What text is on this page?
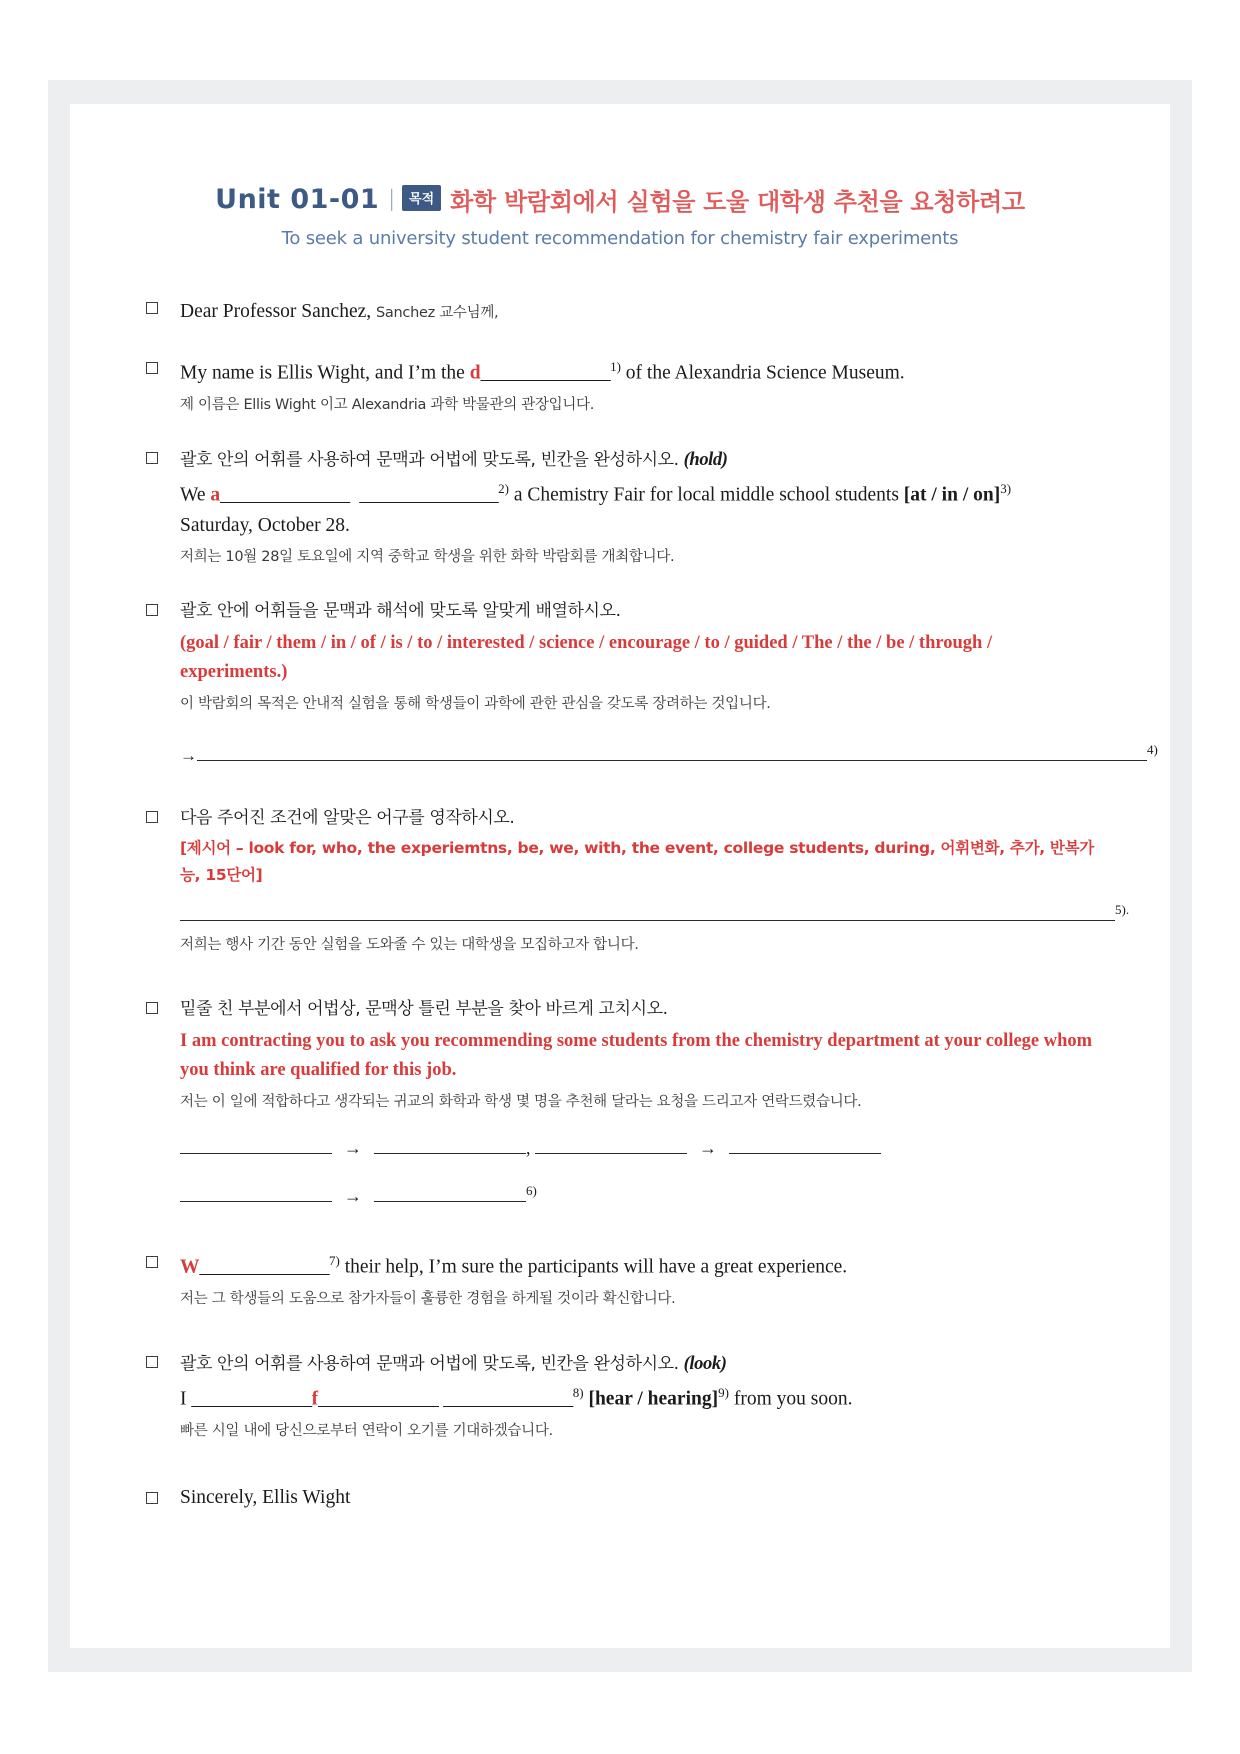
Unit 01-01 | 목적 화학 박람회에서 실험을 도울 대학생 추천을 요청하려고
To seek a university student recommendation for chemistry fair experiments
Dear Professor Sanchez, Sanchez 교수님께,
My name is Ellis Wight, and I’m the d______________$^{1)}$ of the Alexandria Science Museum.
제 이름은 Ellis Wight 이고 Alexandria 과학 박물관의 관장입니다.
괄호 안의 어휘를 사용하여 문맥과 어법에 맞도록, 빈칸을 완성하시오. (hold)
We a______________ _______________$^{2)}$ a Chemistry Fair for local middle school students [at / in / on]$^{3)}$
Saturday, October 28.
저희는 10월 28일 토요일에 지역 중학교 학생을 위한 화학 박람회를 개최합니다.
괄호 안에 어휘들을 문맥과 해석에 맞도록 알맞게 배열하시오.
(goal / fair / them / in / of / is / to / interested / science / encourage / to / guided / The / the / be / through / experiments.)
이 박람회의 목적은 안내적 실험을 통해 학생들이 과학에 관한 관심을 갖도록 장려하는 것입니다.
→	$^{4)}$
다음 주어진 조건에 알맞은 어구를 영작하시오.
[제시어 – look for, who, the experiemtns, be, we, with, the event, college students, during, 어휘변화, 추가, 반복가능, 15단어]
$^{5).}$
저희는 행사 기간 동안 실험을 도와줄 수 있는 대학생을 모집하고자 합니다.
밑줄 친 부분에서 어법상, 문맥상 틀린 부분을 찾아 바르게 고치시오.
I am contracting you to ask you recommending some students from the chemistry department at your college whom you think are qualified for this job.
저는 이 일에 적합하다고 생각되는 귀교의 화학과 학생 몇 명을 추천해 달라는 요청을 드리고자 연락드렸습니다.
→	,	→
→	$^{6)}$
W______________$^{7)}$ their help, I’m sure the participants will have a great experience.
저는 그 학생들의 도움으로 참가자들이 훌륭한 경험을 하게될 것이라 확신합니다.
괄호 안의 어휘를 사용하여 문맥과 어법에 맞도록, 빈칸을 완성하시오. (look)
I _____________f_____________ ______________$^{8)}$ [hear / hearing]$^{9)}$ from you soon.
빠른 시일 내에 당신으로부터 연락이 오기를 기대하겠습니다.
Sincerely, Ellis Wight
